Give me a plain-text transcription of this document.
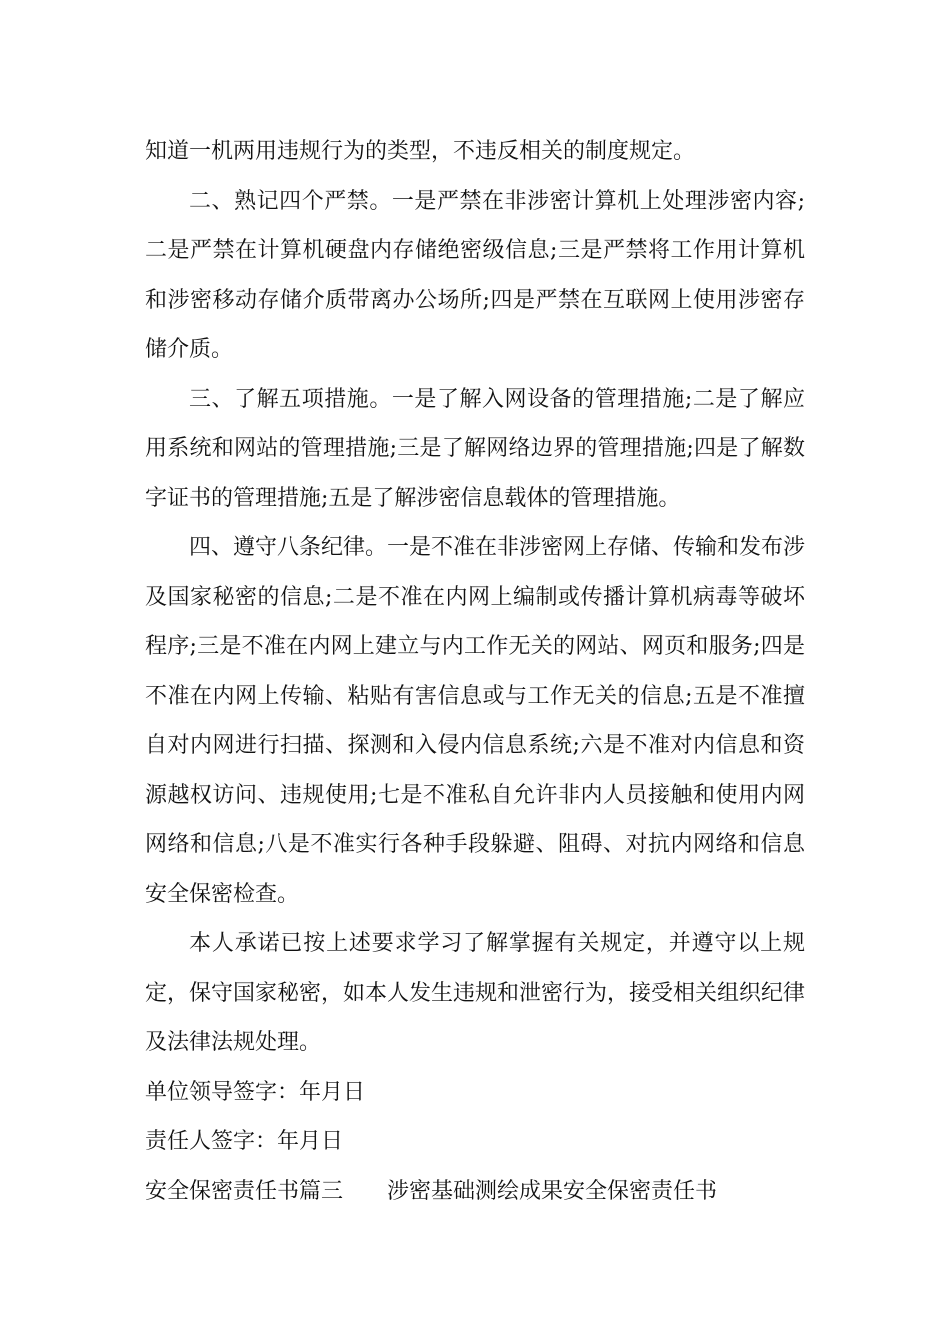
知道一机两用违规行为的类型，不违反相关的制度规定。

二、熟记四个严禁。一是严禁在非涉密计算机上处理涉密内容;二是严禁在计算机硬盘内存储绝密级信息;三是严禁将工作用计算机和涉密移动存储介质带离办公场所;四是严禁在互联网上使用涉密存储介质。

三、了解五项措施。一是了解入网设备的管理措施;二是了解应用系统和网站的管理措施;三是了解网络边界的管理措施;四是了解数字证书的管理措施;五是了解涉密信息载体的管理措施。

四、遵守八条纪律。一是不准在非涉密网上存储、传输和发布涉及国家秘密的信息;二是不准在内网上编制或传播计算机病毒等破坏程序;三是不准在内网上建立与内工作无关的网站、网页和服务;四是不准在内网上传输、粘贴有害信息或与工作无关的信息;五是不准擅自对内网进行扫描、探测和入侵内信息系统;六是不准对内信息和资源越权访问、违规使用;七是不准私自允许非内人员接触和使用内网网络和信息;八是不准实行各种手段躲避、阻碍、对抗内网络和信息安全保密检查。

本人承诺已按上述要求学习了解掌握有关规定，并遵守以上规定，保守国家秘密，如本人发生违规和泄密行为，接受相关组织纪律及法律法规处理。

单位领导签字：年月日

责任人签字：年月日

安全保密责任书篇三 涉密基础测绘成果安全保密责任书
